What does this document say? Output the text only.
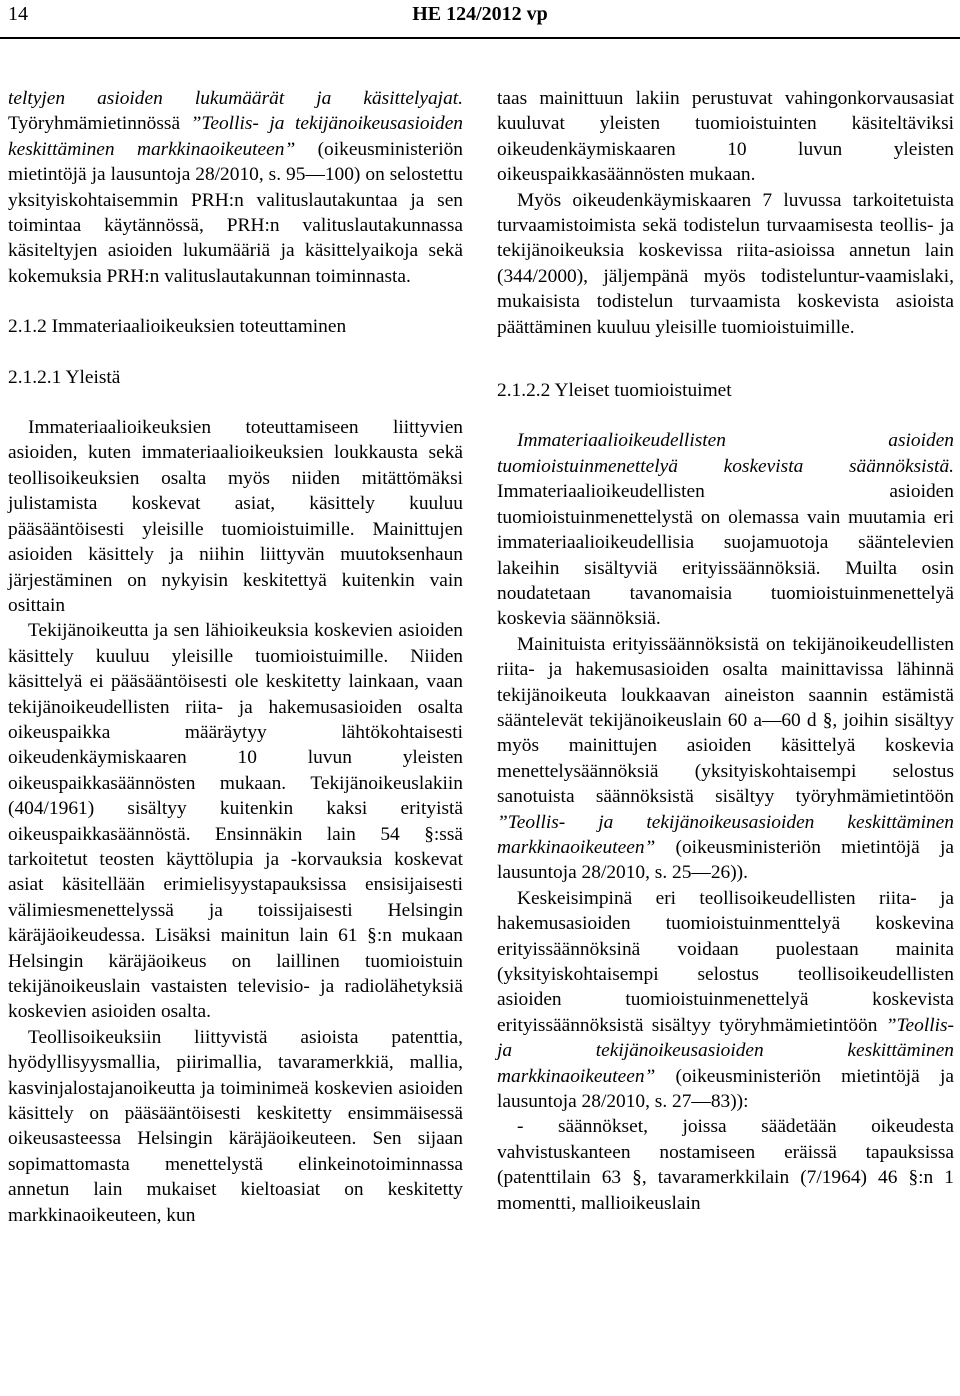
14	HE 124/2012 vp

teltyjen asioiden lukumäärät ja käsittelyajat. Työryhmämietinnössä ”Teollis- ja tekijänoikeusasioiden keskittäminen markkinaoikeuteen” (oikeusministeriön mietintöjä ja lausuntoja 28/2010, s. 95—100) on selostettu yksityiskohtaisemmin PRH:n valituslautakuntaa ja sen toimintaa käytännössä, PRH:n valituslautakunnassa käsiteltyjen asioiden lukumääriä ja käsittelyaikoja sekä kokemuksia PRH:n valituslautakunnan toiminnasta.

2.1.2 Immateriaalioikeuksien toteuttaminen

2.1.2.1 Yleistä

Immateriaalioikeuksien toteuttamiseen liittyvien asioiden, kuten immateriaalioikeuksien loukkausta sekä teollisoikeuksien osalta myös niiden mitättömäksi julistamista koskevat asiat, käsittely kuuluu pääsääntöisesti yleisille tuomioistuimille. Mainittujen asioiden käsittely ja niihin liittyvän muutoksenhaun järjestäminen on nykyisin keskitettyä kuitenkin vain osittain

Tekijänoikeutta ja sen lähioikeuksia koskevien asioiden käsittely kuuluu yleisille tuomioistuimille. Niiden käsittelyä ei pääsääntöisesti ole keskitetty lainkaan, vaan tekijänoikeudellisten riita- ja hakemusasioiden osalta oikeuspaikka määräytyy lähtökohtaisesti oikeudenkäymiskaaren 10 luvun yleisten oikeuspaikkasäännösten mukaan. Tekijänoikeuslakiin (404/1961) sisältyy kuitenkin kaksi erityistä oikeuspaikkasäännöstä. Ensinnäkin lain 54 §:ssä tarkoitetut teosten käyttölupia ja -korvauksia koskevat asiat käsitellään erimielisyystapauksissa ensisijaisesti välimiesmenettelyssä ja toissijaisesti Helsingin käräjäoikeudessa. Lisäksi mainitun lain 61 §:n mukaan Helsingin käräjäoikeus on laillinen tuomioistuin tekijänoikeuslain vastaisten televisio- ja radiolähetyksiä koskevien asioiden osalta.

Teollisoikeuksiin liittyvistä asioista patenttia, hyödyllisyysmallia, piirimallia, tavaramerkkiä, mallia, kasvinjalostajanoikeutta ja toiminimeä koskevien asioiden käsittely on pääsääntöisesti keskitetty ensimmäisessä oikeusasteessa Helsingin käräjäoikeuteen. Sen sijaan sopimattomasta menettelystä elinkeinotoiminnassa annetun lain mukaiset kieltoasiat on keskitetty markkinaoikeuteen, kun

taas mainittuun lakiin perustuvat vahingonkorvausasiat kuuluvat yleisten tuomioistuinten käsiteltäviksi oikeudenkäymiskaaren 10 luvun yleisten oikeuspaikkasäännösten mukaan.

Myös oikeudenkäymiskaaren 7 luvussa tarkoitetuista turvaamistoimista sekä todistelun turvaamisesta teollis- ja tekijänoikeuksia koskevissa riita-asioissa annetun lain (344/2000), jäljempänä myös todisteluntur-vaamislaki, mukaisista todistelun turvaamista koskevista asioista päättäminen kuuluu yleisille tuomioistuimille.

2.1.2.2 Yleiset tuomioistuimet

Immateriaalioikeudellisten asioiden tuomioistuinmenettelyä koskevista säännöksistä. Immateriaalioikeudellisten asioiden tuomioistuinmenettelystä on olemassa vain muutamia eri immateriaalioikeudellisia suojamuotoja sääntelevien lakeihin sisältyviä erityissäännöksiä. Muilta osin noudatetaan tavanomaisia tuomioistuinmenettelyä koskevia säännöksiä.

Mainituista erityissäännöksistä on tekijänoikeudellisten riita- ja hakemusasioiden osalta mainittavissa lähinnä tekijänoikeuta loukkaavan aineiston saannin estämistä sääntelevät tekijänoikeuslain 60 a—60 d §, joihin sisältyy myös mainittujen asioiden käsittelyä koskevia menettelysäännöksiä (yksityiskohtaisempi selostus sanotuista säännöksistä sisältyy työryhmämietintöön ”Teollis- ja tekijänoikeusasioiden keskittäminen markkinaoikeuteen” (oikeusministeriön mietintöjä ja lausuntoja 28/2010, s. 25—26)).

Keskeisimpinä eri teollisoikeudellisten riita- ja hakemusasioiden tuomioistuinmenttelyä koskevina erityissäännöksinä voidaan puolestaan mainita (yksityiskohtaisempi selostus teollisoikeudellisten asioiden tuomioistuinmenettelyä koskevista erityissäännöksistä sisältyy työryhmämietintöön ”Teollis- ja tekijänoikeusasioiden keskittäminen markkinaoikeuteen” (oikeusministeriön mietintöjä ja lausuntoja 28/2010, s. 27—83)):

- säännökset, joissa säädetään oikeudesta vahvistuskanteen nostamiseen eräissä tapauksissa (patenttilain 63 §, tavaramerkkilain (7/1964) 46 §:n 1 momentti, mallioikeuslain
